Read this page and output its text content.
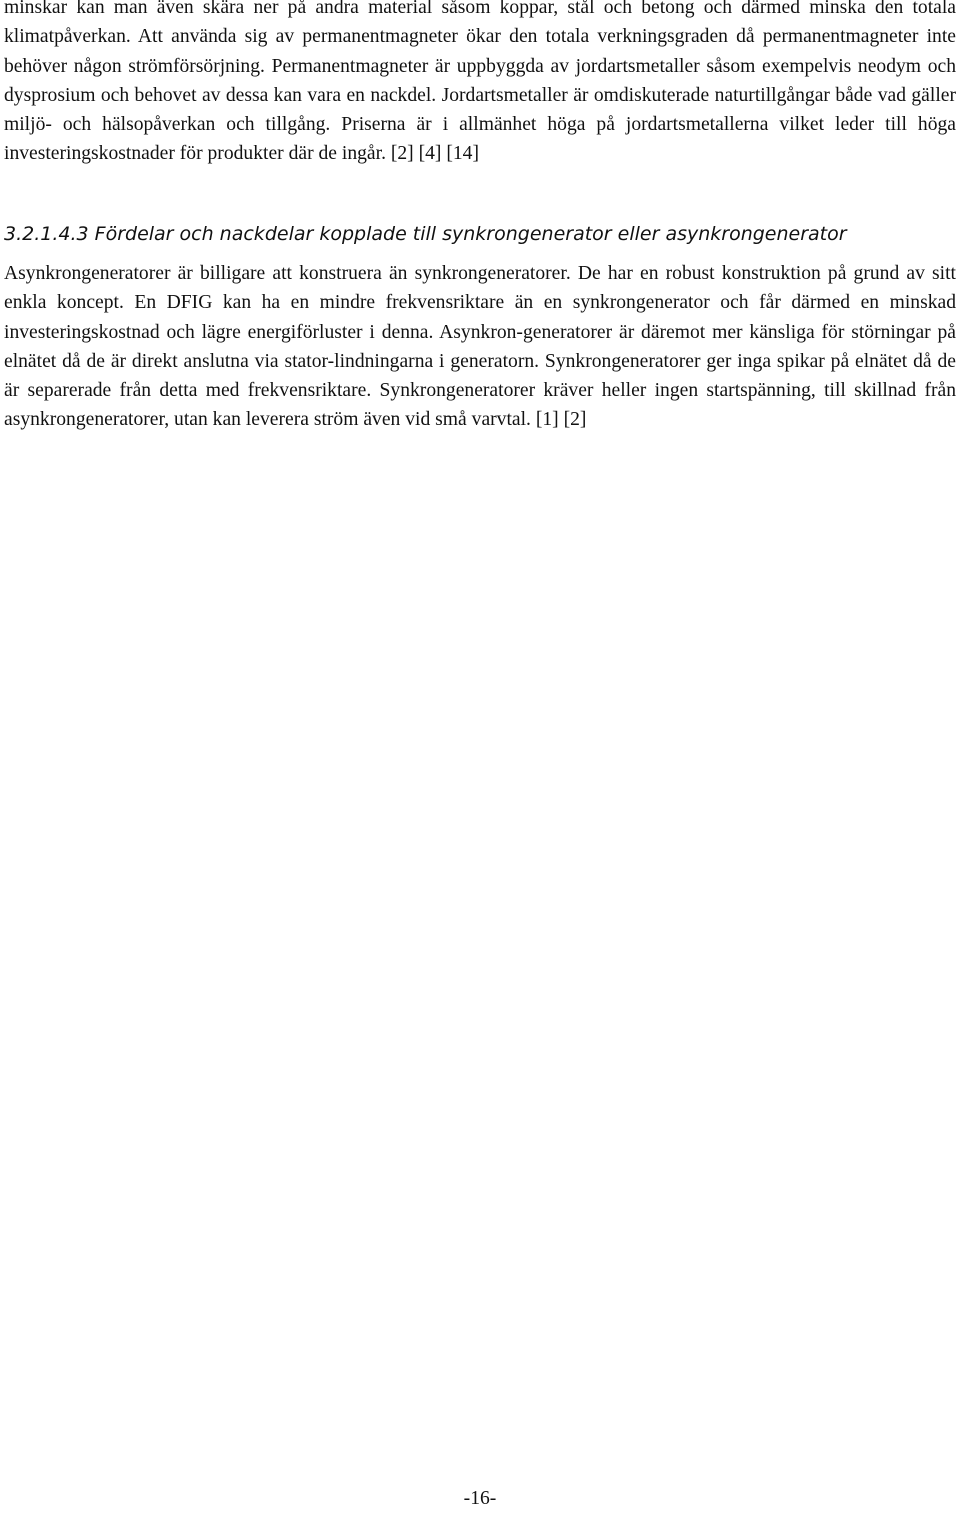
minskar kan man även skära ner på andra material såsom koppar, stål och betong och därmed minska den totala klimatpåverkan. Att använda sig av permanentmagneter ökar den totala verkningsgraden då permanentmagneter inte behöver någon strömförsörjning. Permanentmagneter är uppbyggda av jordartsmetaller såsom exempelvis neodym och dysprosium och behovet av dessa kan vara en nackdel. Jordartsmetaller är omdiskuterade naturtillgångar både vad gäller miljö- och hälsopåverkan och tillgång. Priserna är i allmänhet höga på jordartsmetallerna vilket leder till höga investeringskostnader för produkter där de ingår. [2] [4] [14]

3.2.1.4.3 Fördelar och nackdelar kopplade till synkrongenerator eller asynkrongenerator

Asynkrongeneratorer är billigare att konstruera än synkrongeneratorer. De har en robust konstruktion på grund av sitt enkla koncept. En DFIG kan ha en mindre frekvensriktare än en synkrongenerator och får därmed en minskad investeringskostnad och lägre energiförluster i denna. Asynkron-generatorer är däremot mer känsliga för störningar på elnätet då de är direkt anslutna via stator-lindningarna i generatorn. Synkrongeneratorer ger inga spikar på elnätet då de är separerade från detta med frekvensriktare. Synkrongeneratorer kräver heller ingen startspänning, till skillnad från asynkrongeneratorer, utan kan leverera ström även vid små varvtal. [1] [2]

-16-
